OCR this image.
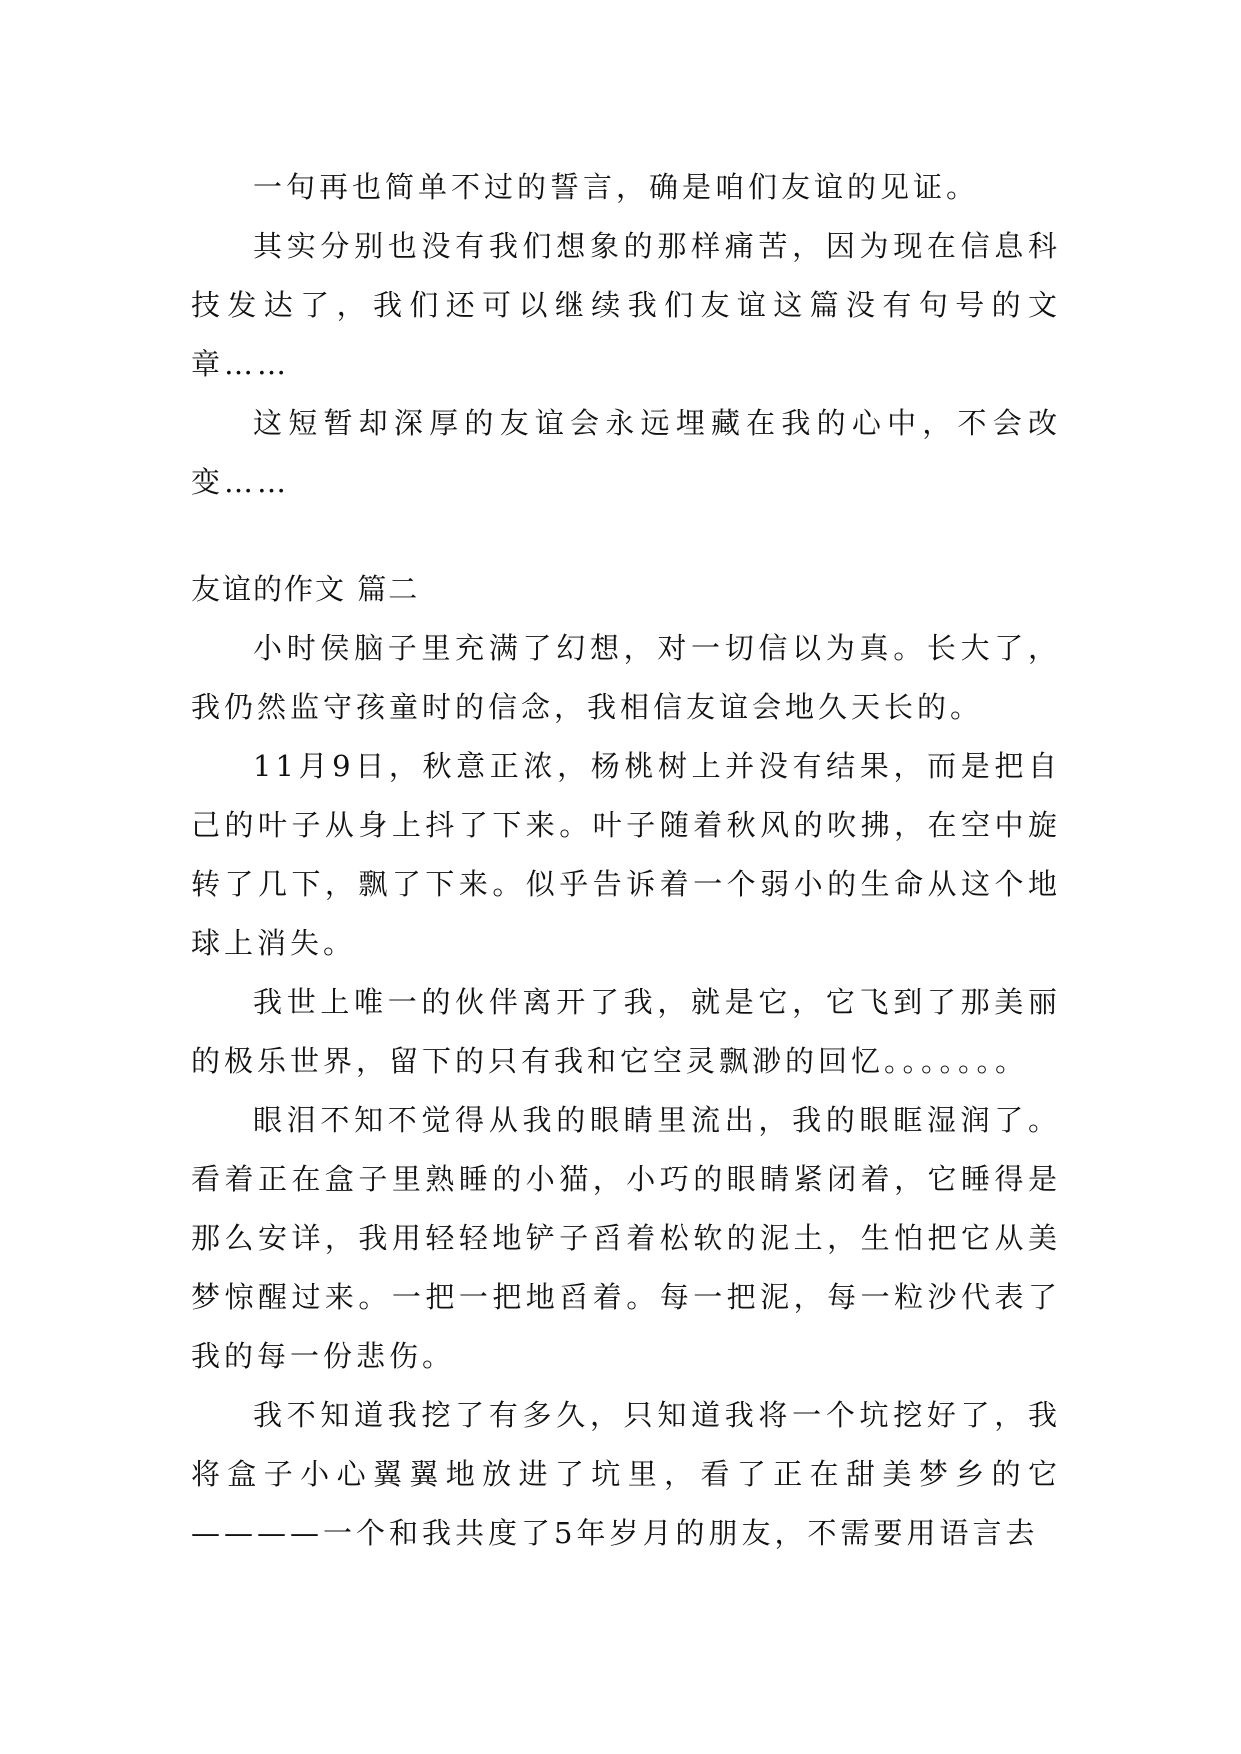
一句再也简单不过的誓言，确是咱们友谊的见证。

其实分别也没有我们想象的那样痛苦，因为现在信息科技发达了，我们还可以继续我们友谊这篇没有句号的文章……

这短暂却深厚的友谊会永远埋藏在我的心中，不会改变……

友谊的作文 篇二

小时侯脑子里充满了幻想，对一切信以为真。长大了，我仍然监守孩童时的信念，我相信友谊会地久天长的。

11月9日，秋意正浓，杨桃树上并没有结果，而是把自己的叶子从身上抖了下来。叶子随着秋风的吹拂，在空中旋转了几下，飘了下来。似乎告诉着一个弱小的生命从这个地球上消失。

我世上唯一的伙伴离开了我，就是它，它飞到了那美丽的极乐世界，留下的只有我和它空灵飘渺的回忆。。。。。。。

眼泪不知不觉得从我的眼睛里流出，我的眼眶湿润了。看着正在盒子里熟睡的小猫，小巧的眼睛紧闭着，它睡得是那么安详，我用轻轻地铲子舀着松软的泥土，生怕把它从美梦惊醒过来。一把一把地舀着。每一把泥，每一粒沙代表了我的每一份悲伤。

我不知道我挖了有多久，只知道我将一个坑挖好了，我将盒子小心翼翼地放进了坑里，看了正在甜美梦乡的它————一个和我共度了5年岁月的朋友，不需要用语言去
